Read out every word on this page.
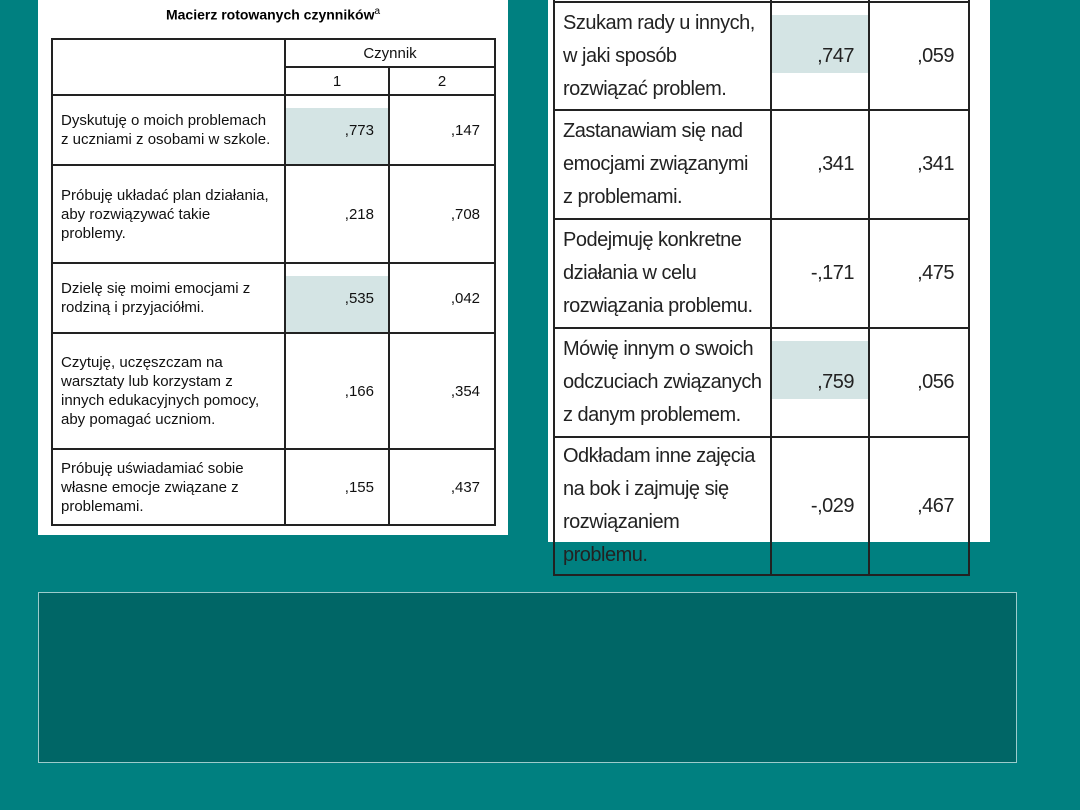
Macierz rotowanych czynników$^a$
	Czynnik	
	1	2
Dyskutuję o moich problemach z uczniami z osobami w szkole.	,773	,147
Próbuję układać plan działania, aby rozwiązywać takie problemy.	,218	,708
Dzielę się moimi emocjami z rodziną i przyjaciółmi.	,535	,042
Czytuję, uczęszczam na warsztaty lub korzystam z innych edukacyjnych pomocy, aby pomagać uczniom.	,166	,354
Próbuję uświadamiać sobie własne emocje związane z problemami.	,155	,437

Szukam rady u innych, w jaki sposób rozwiązać problem.	,747	,059
Zastanawiam się nad emocjami związanymi z problemami.	,341	,341
Podejmuję konkretne działania w celu rozwiązania problemu.	-,171	,475
Mówię innym o swoich odczuciach związanych z danym problemem.	,759	,056
Odkładam inne zajęcia na bok i zajmuję się rozwiązaniem problemu.	-,029	,467
